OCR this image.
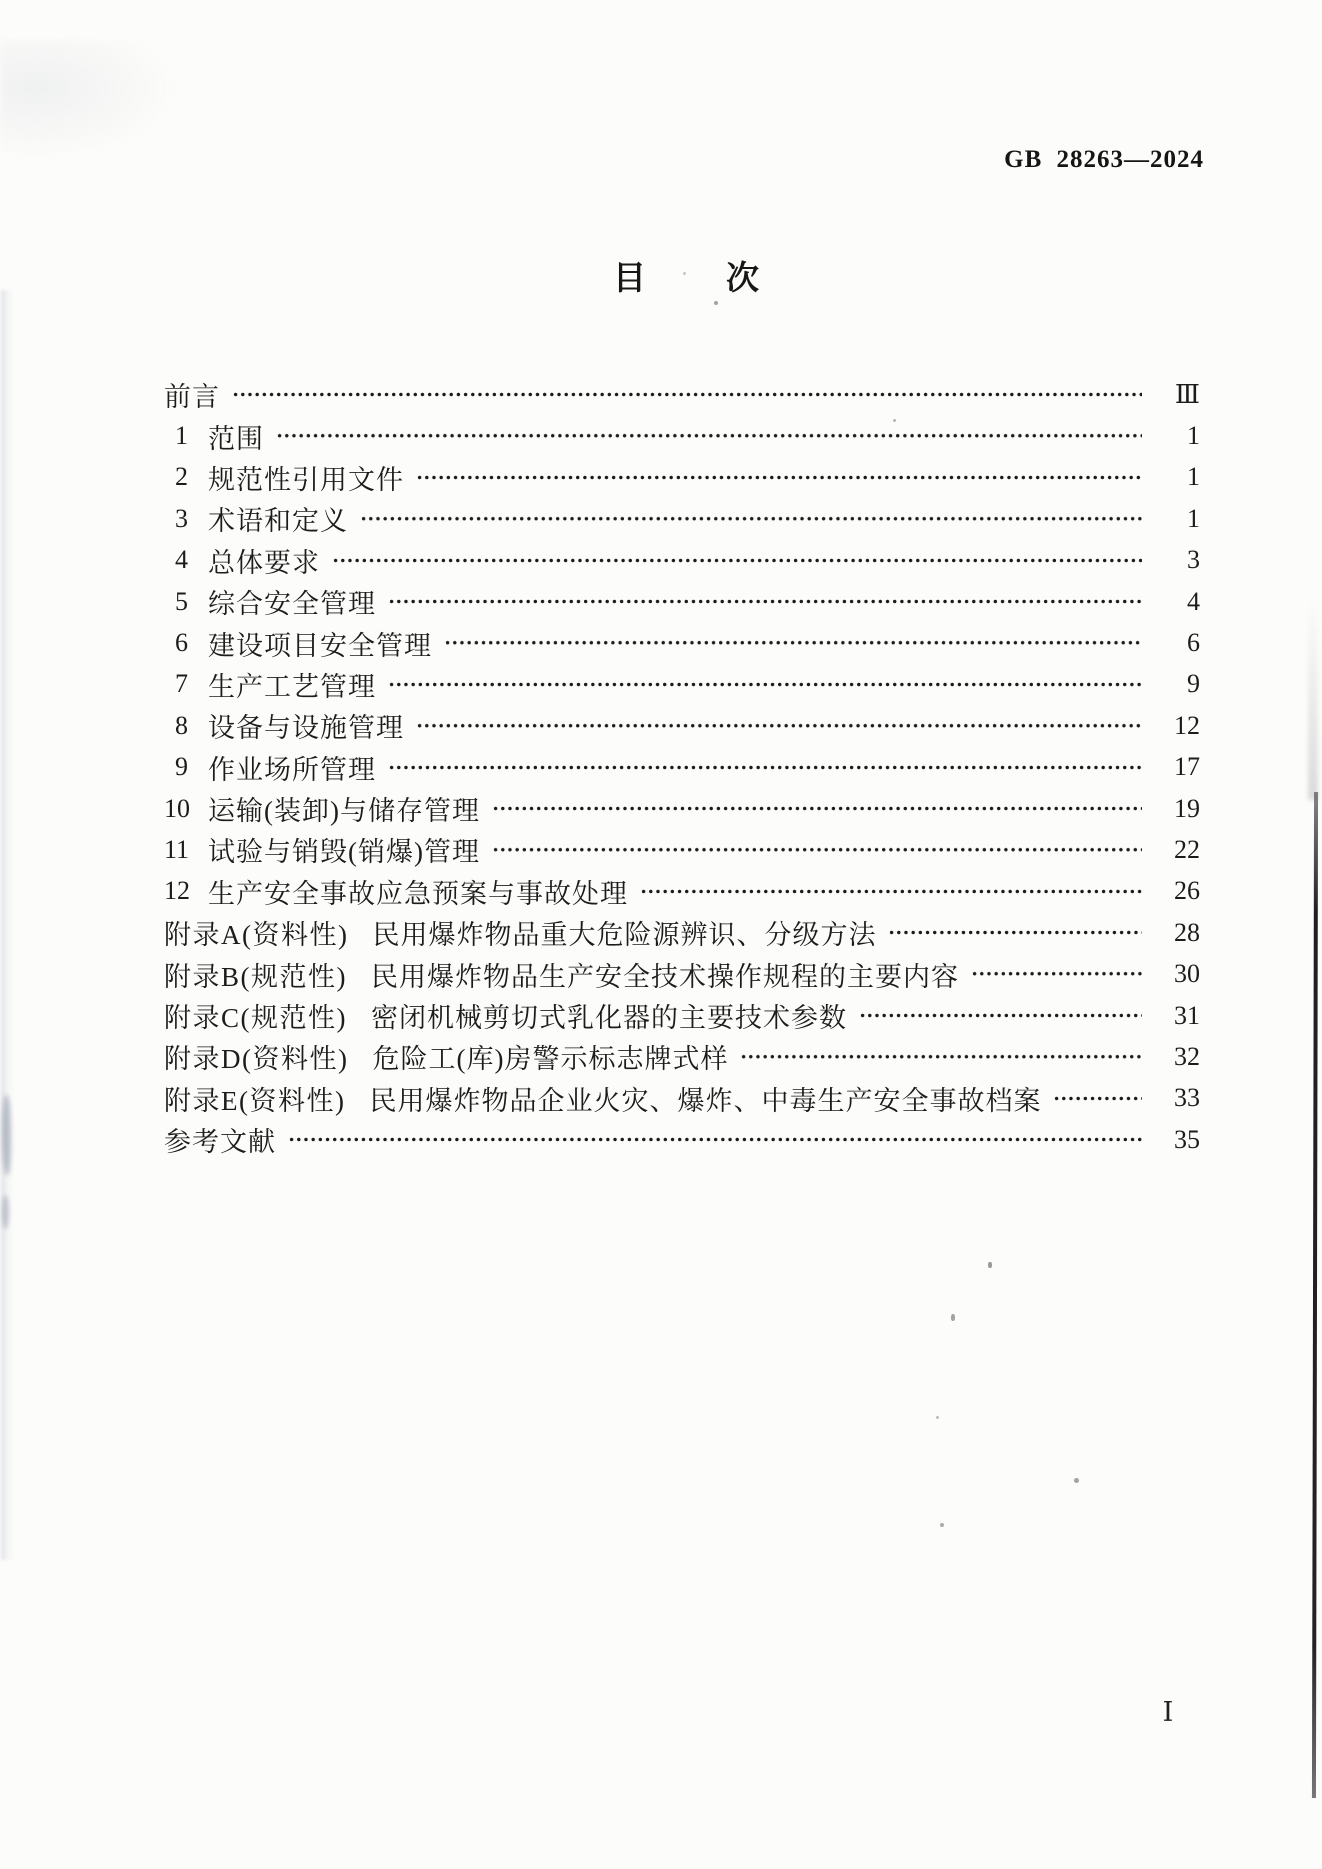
GB 28263—2024
目 次
前言	Ⅲ
1 范围	1
2 规范性引用文件	1
3 术语和定义	1
4 总体要求	3
5 综合安全管理	4
6 建设项目安全管理	6
7 生产工艺管理	9
8 设备与设施管理	12
9 作业场所管理	17
10 运输(装卸)与储存管理	19
11 试验与销毁(销爆)管理	22
12 生产安全事故应急预案与事故处理	26
附录A(资料性) 民用爆炸物品重大危险源辨识、分级方法	28
附录B(规范性) 民用爆炸物品生产安全技术操作规程的主要内容	30
附录C(规范性) 密闭机械剪切式乳化器的主要技术参数	31
附录D(资料性) 危险工(库)房警示标志牌式样	32
附录E(资料性) 民用爆炸物品企业火灾、爆炸、中毒生产安全事故档案	33
参考文献	35
Ⅰ
